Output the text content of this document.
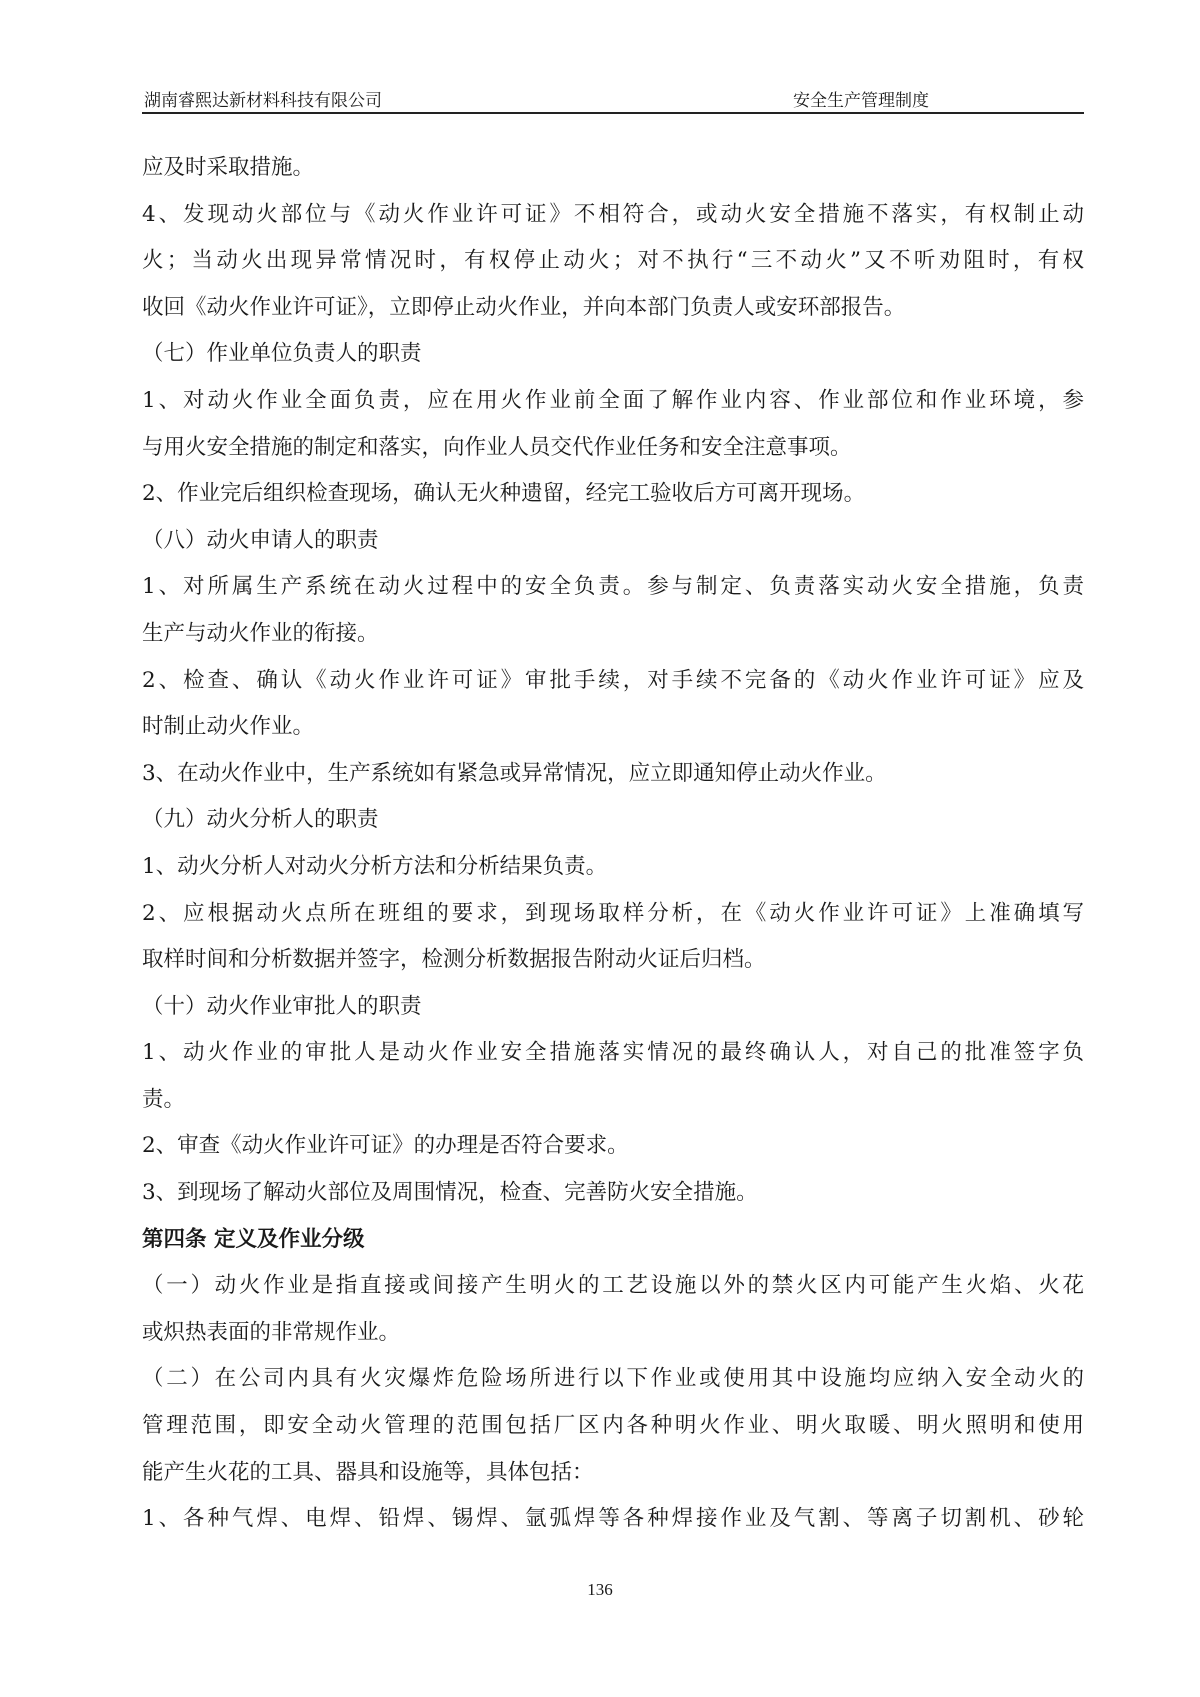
湖南睿熙达新材料科技有限公司	安全生产管理制度
应及时采取措施。
4、发现动火部位与《动火作业许可证》不相符合，或动火安全措施不落实，有权制止动
火；当动火出现异常情况时，有权停止动火；对不执行“三不动火”又不听劝阻时，有权
收回《动火作业许可证》，立即停止动火作业，并向本部门负责人或安环部报告。
（七）作业单位负责人的职责
1、对动火作业全面负责，应在用火作业前全面了解作业内容、作业部位和作业环境，参
与用火安全措施的制定和落实，向作业人员交代作业任务和安全注意事项。
2、作业完后组织检查现场，确认无火种遗留，经完工验收后方可离开现场。
（八）动火申请人的职责
1、对所属生产系统在动火过程中的安全负责。参与制定、负责落实动火安全措施，负责
生产与动火作业的衔接。
2、检查、确认《动火作业许可证》审批手续，对手续不完备的《动火作业许可证》应及
时制止动火作业。
3、在动火作业中，生产系统如有紧急或异常情况，应立即通知停止动火作业。
（九）动火分析人的职责
1、动火分析人对动火分析方法和分析结果负责。
2、应根据动火点所在班组的要求，到现场取样分析，在《动火作业许可证》上准确填写
取样时间和分析数据并签字，检测分析数据报告附动火证后归档。
（十）动火作业审批人的职责
1、动火作业的审批人是动火作业安全措施落实情况的最终确认人，对自己的批准签字负
责。
2、审查《动火作业许可证》的办理是否符合要求。
3、到现场了解动火部位及周围情况，检查、完善防火安全措施。
第四条 定义及作业分级
（一）动火作业是指直接或间接产生明火的工艺设施以外的禁火区内可能产生火焰、火花
或炽热表面的非常规作业。
（二）在公司内具有火灾爆炸危险场所进行以下作业或使用其中设施均应纳入安全动火的
管理范围，即安全动火管理的范围包括厂区内各种明火作业、明火取暖、明火照明和使用
能产生火花的工具、器具和设施等，具体包括：
1、各种气焊、电焊、铅焊、锡焊、氩弧焊等各种焊接作业及气割、等离子切割机、砂轮
136
